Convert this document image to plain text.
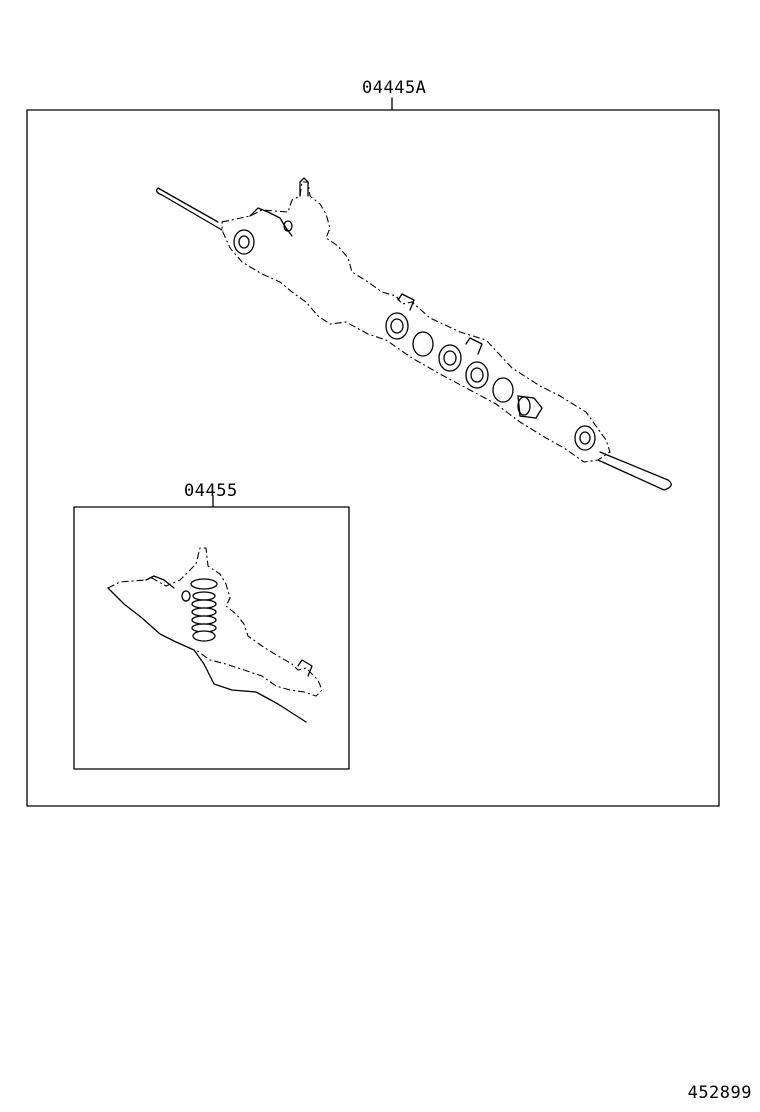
04445A
04455
452899
